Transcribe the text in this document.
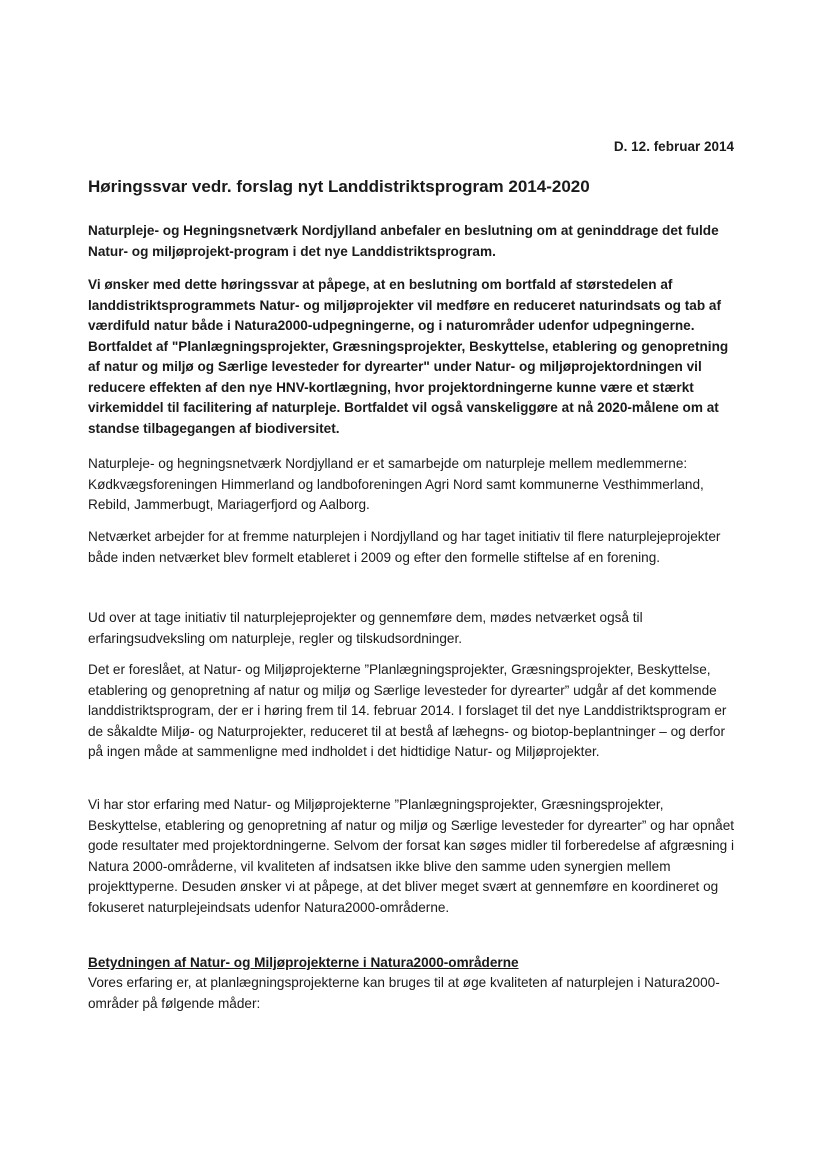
D. 12. februar 2014
Høringssvar vedr. forslag nyt Landdistriktsprogram 2014-2020

Naturpleje- og Hegningsnetværk Nordjylland anbefaler en beslutning om at geninddrage det fulde Natur- og miljøprojekt-program i det nye Landdistriktsprogram.

Vi ønsker med dette høringssvar at påpege, at en beslutning om bortfald af størstedelen af landdistriktsprogrammets Natur- og miljøprojekter vil medføre en reduceret naturindsats og tab af værdifuld natur både i Natura2000-udpegningerne, og i naturområder udenfor udpegningerne. Bortfaldet af "Planlægningsprojekter, Græsningsprojekter, Beskyttelse, etablering og genopretning af natur og miljø og Særlige levesteder for dyrearter" under Natur- og miljøprojektordningen vil reducere effekten af den nye HNV-kortlægning, hvor projektordningerne kunne være et stærkt virkemiddel til facilitering af naturpleje. Bortfaldet vil også vanskeliggøre at nå 2020-målene om at standse tilbagegangen af biodiversitet.

Naturpleje- og hegningsnetværk Nordjylland er et samarbejde om naturpleje mellem medlemmerne: Kødkvægsforeningen Himmerland og landboforeningen Agri Nord samt kommunerne Vesthimmerland, Rebild, Jammerbugt, Mariagerfjord og Aalborg.

Netværket arbejder for at fremme naturplejen i Nordjylland og har taget initiativ til flere naturplejeprojekter både inden netværket blev formelt etableret i 2009 og efter den formelle stiftelse af en forening.

Ud over at tage initiativ til naturplejeprojekter og gennemføre dem, mødes netværket også til erfaringsudveksling om naturpleje, regler og tilskudsordninger.

Det er foreslået, at Natur- og Miljøprojekterne ”Planlægningsprojekter, Græsningsprojekter, Beskyttelse, etablering og genopretning af natur og miljø og Særlige levesteder for dyrearter” udgår af det kommende landdistriktsprogram, der er i høring frem til 14. februar 2014. I forslaget til det nye Landdistriktsprogram er de såkaldte Miljø- og Naturprojekter, reduceret til at bestå af læhegns- og biotop-beplantninger – og derfor på ingen måde at sammenligne med indholdet i det hidtidige Natur- og Miljøprojekter.

Vi har stor erfaring med Natur- og Miljøprojekterne ”Planlægningsprojekter, Græsningsprojekter, Beskyttelse, etablering og genopretning af natur og miljø og Særlige levesteder for dyrearter” og har opnået gode resultater med projektordningerne. Selvom der forsat kan søges midler til forberedelse af afgræsning i Natura 2000-områderne, vil kvaliteten af indsatsen ikke blive den samme uden synergien mellem projekttyperne. Desuden ønsker vi at påpege, at det bliver meget svært at gennemføre en koordineret og fokuseret naturplejeindsats udenfor Natura2000-områderne.

Betydningen af Natur- og Miljøprojekterne i Natura2000-områderne

Vores erfaring er, at planlægningsprojekterne kan bruges til at øge kvaliteten af naturplejen i Natura2000-områder på følgende måder:
